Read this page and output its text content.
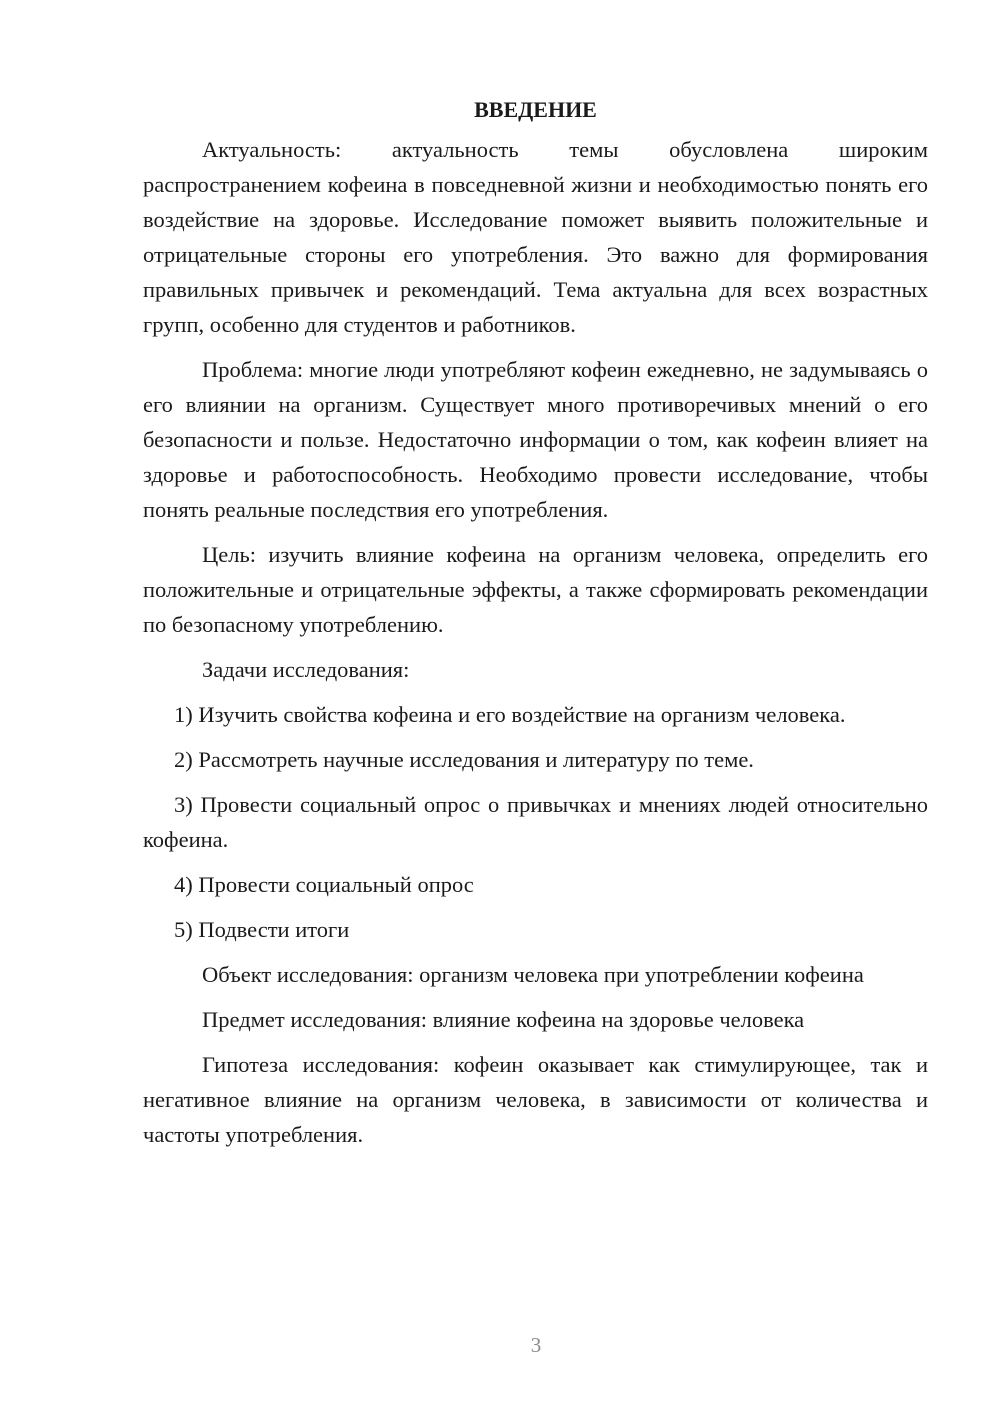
ВВЕДЕНИЕ

Актуальность: актуальность темы обусловлена широким распространением кофеина в повседневной жизни и необходимостью понять его воздействие на здоровье. Исследование поможет выявить положительные и отрицательные стороны его употребления. Это важно для формирования правильных привычек и рекомендаций. Тема актуальна для всех возрастных групп, особенно для студентов и работников.

Проблема: многие люди употребляют кофеин ежедневно, не задумываясь о его влиянии на организм. Существует много противоречивых мнений о его безопасности и пользе. Недостаточно информации о том, как кофеин влияет на здоровье и работоспособность. Необходимо провести исследование, чтобы понять реальные последствия его употребления.

Цель: изучить влияние кофеина на организм человека, определить его положительные и отрицательные эффекты, а также сформировать рекомендации по безопасному употреблению.

Задачи исследования:

1) Изучить свойства кофеина и его воздействие на организм человека.

2) Рассмотреть научные исследования и литературу по теме.

3) Провести социальный опрос о привычках и мнениях людей относительно кофеина.

4) Провести социальный опрос

5) Подвести итоги

Объект исследования: организм человека при употреблении кофеина

Предмет исследования: влияние кофеина на здоровье человека

Гипотеза исследования: кофеин оказывает как стимулирующее, так и негативное влияние на организм человека, в зависимости от количества и частоты употребления.

3
